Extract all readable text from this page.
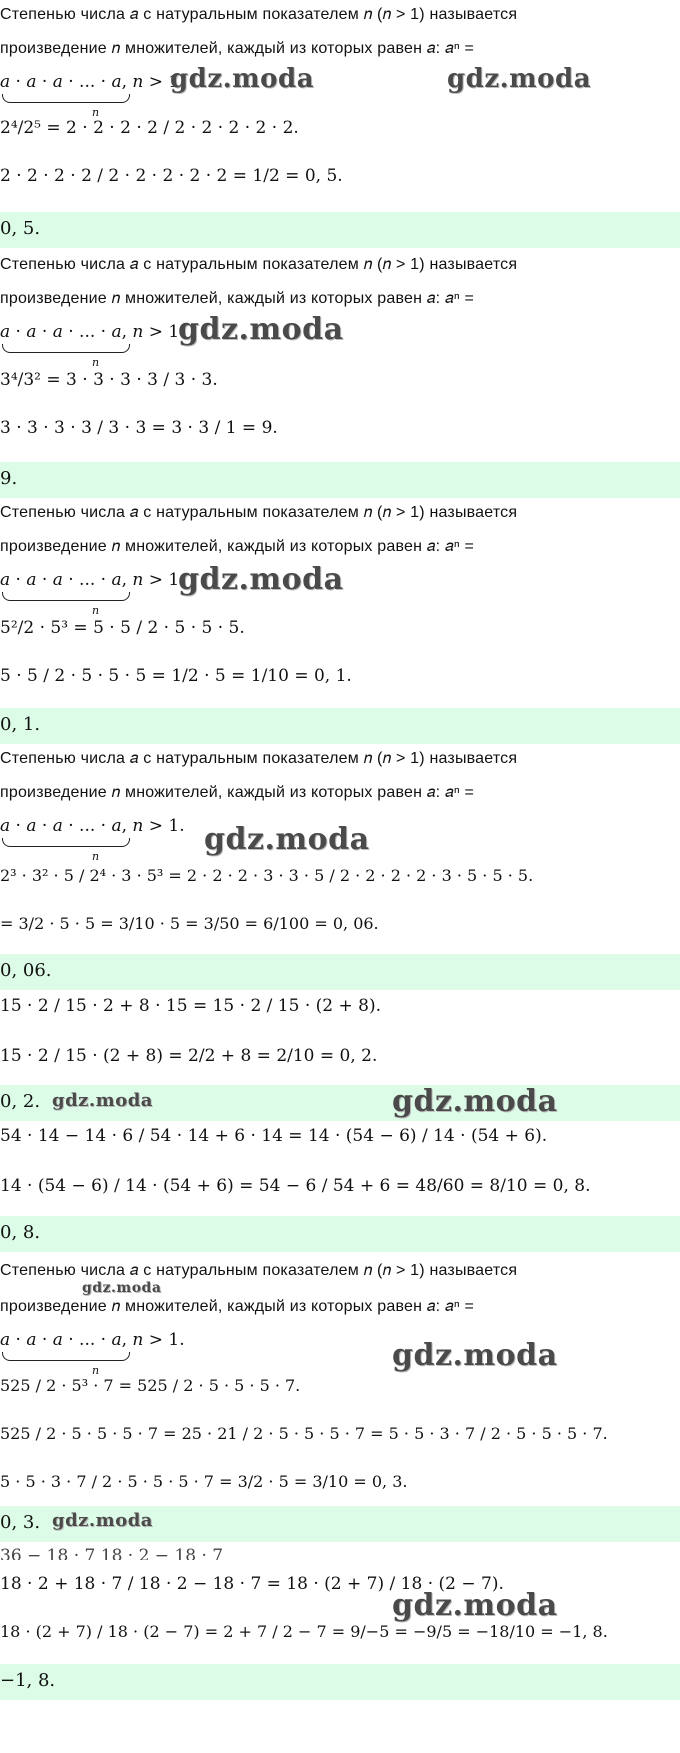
Степенью числа 𝑎 с натуральным показателем 𝑛 (𝑛 > 1) называется
произведение 𝑛 множителей, каждый из которых равен 𝑎: 𝑎ⁿ =
𝑎 · 𝑎 · 𝑎 · ... · 𝑎, 𝑛 > 1.
n
gdz.moda	gdz.moda
2⁴/2⁵ = 2 · 2 · 2 · 2 / 2 · 2 · 2 · 2 · 2.
2 · 2 · 2 · 2 / 2 · 2 · 2 · 2 · 2 = 1/2 = 0, 5.
0, 5.
Степенью числа 𝑎 с натуральным показателем 𝑛 (𝑛 > 1) называется
произведение 𝑛 множителей, каждый из которых равен 𝑎: 𝑎ⁿ =
𝑎 · 𝑎 · 𝑎 · ... · 𝑎, 𝑛 > 1.
n
gdz.moda
3⁴/3² = 3 · 3 · 3 · 3 / 3 · 3.
3 · 3 · 3 · 3 / 3 · 3 = 3 · 3 / 1 = 9.
9.
Степенью числа 𝑎 с натуральным показателем 𝑛 (𝑛 > 1) называется
произведение 𝑛 множителей, каждый из которых равен 𝑎: 𝑎ⁿ =
𝑎 · 𝑎 · 𝑎 · ... · 𝑎, 𝑛 > 1.
n
gdz.moda
5²/2 · 5³ = 5 · 5 / 2 · 5 · 5 · 5.
5 · 5 / 2 · 5 · 5 · 5 = 1/2 · 5 = 1/10 = 0, 1.
0, 1.
Степенью числа 𝑎 с натуральным показателем 𝑛 (𝑛 > 1) называется
произведение 𝑛 множителей, каждый из которых равен 𝑎: 𝑎ⁿ =
𝑎 · 𝑎 · 𝑎 · ... · 𝑎, 𝑛 > 1.
n	gdz.moda
2³ · 3² · 5 / 2⁴ · 3 · 5³ = 2 · 2 · 2 · 3 · 3 · 5 / 2 · 2 · 2 · 2 · 3 · 5 · 5 · 5.
= 3/2 · 5 · 5 = 3/10 · 5 = 3/50 = 6/100 = 0, 06.
0, 06.
15 · 2 / 15 · 2 + 8 · 15 = 15 · 2 / 15 · (2 + 8).
15 · 2 / 15 · (2 + 8) = 2/2 + 8 = 2/10 = 0, 2.
0, 2. gdz.moda	gdz.moda
54 · 14 − 14 · 6 / 54 · 14 + 6 · 14 = 14 · (54 − 6) / 14 · (54 + 6).
14 · (54 − 6) / 14 · (54 + 6) = 54 − 6 / 54 + 6 = 48/60 = 8/10 = 0, 8.
0, 8.
Степенью числа 𝑎 с натуральным показателем 𝑛 (𝑛 > 1) называется
gdz.moda
произведение 𝑛 множителей, каждый из которых равен 𝑎: 𝑎ⁿ =
𝑎 · 𝑎 · 𝑎 · ... · 𝑎, 𝑛 > 1.
n	gdz.moda
525 / 2 · 5³ · 7 = 525 / 2 · 5 · 5 · 5 · 7.
525 / 2 · 5 · 5 · 5 · 7 = 25 · 21 / 2 · 5 · 5 · 5 · 7 = 5 · 5 · 3 · 7 / 2 · 5 · 5 · 5 · 7.
5 · 5 · 3 · 7 / 2 · 5 · 5 · 5 · 7 = 3/2 · 5 = 3/10 = 0, 3.
0, 3. gdz.moda
36 − 18 · 7 18 · 2 − 18 · 7
18 · 2 + 18 · 7 / 18 · 2 − 18 · 7 = 18 · (2 + 7) / 18 · (2 − 7).
gdz.moda
18 · (2 + 7) / 18 · (2 − 7) = 2 + 7 / 2 − 7 = 9/−5 = −9/5 = −18/10 = −1, 8.
−1, 8.
